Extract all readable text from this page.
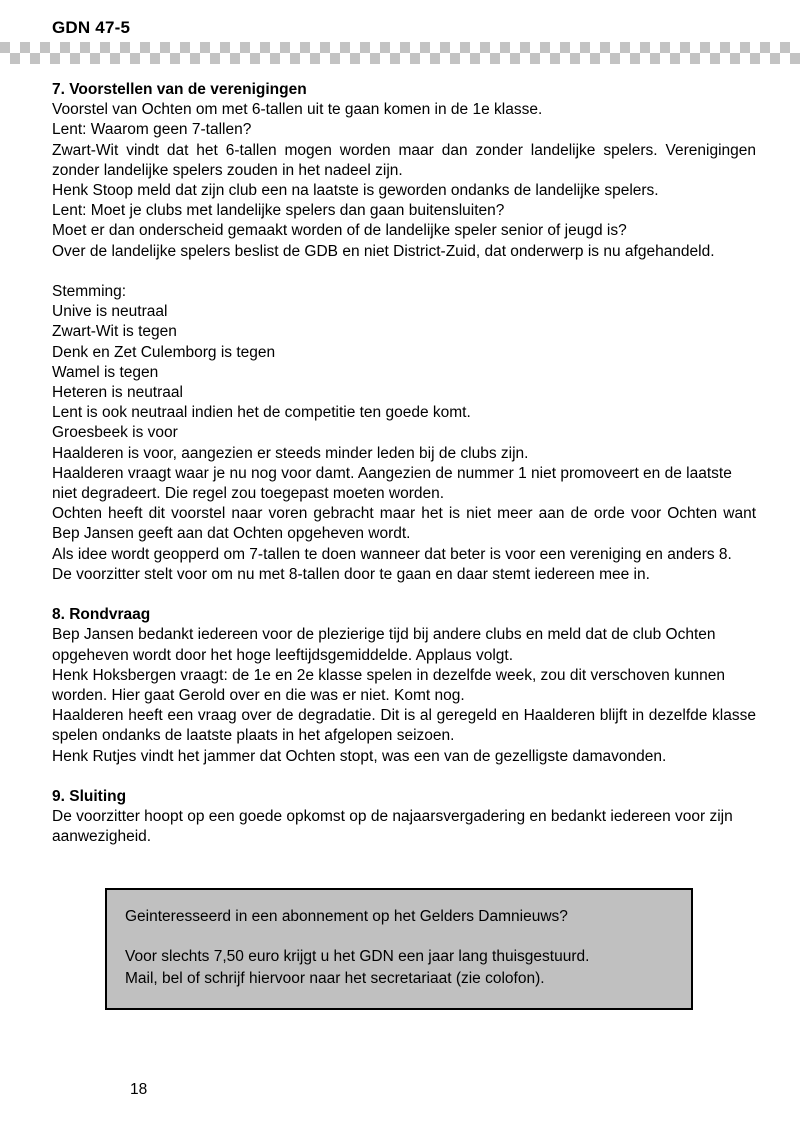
GDN 47-5
7. Voorstellen van de verenigingen

Voorstel van Ochten om met 6-tallen uit te gaan komen in de 1e klasse.

Lent: Waarom geen 7-tallen?

Zwart-Wit vindt dat het 6-tallen mogen worden maar dan zonder landelijke spelers. Verenigingen zonder landelijke spelers zouden in het nadeel zijn.

Henk Stoop meld dat zijn club een na laatste is geworden ondanks de landelijke spelers.

Lent: Moet je clubs met landelijke spelers dan gaan buitensluiten?

Moet er dan onderscheid gemaakt worden of de landelijke speler senior of jeugd is?

Over de landelijke spelers beslist de GDB en niet District-Zuid, dat onderwerp is nu afgehandeld.

Stemming:

Unive is neutraal

Zwart-Wit is tegen

Denk en Zet Culemborg is tegen

Wamel is tegen

Heteren is neutraal

Lent is ook neutraal indien het de competitie ten goede komt.

Groesbeek is voor

Haalderen is voor, aangezien er steeds minder leden bij de clubs zijn.

Haalderen vraagt waar je nu nog voor damt. Aangezien de nummer 1 niet promoveert en de laatste niet degradeert. Die regel zou toegepast moeten worden.

Ochten heeft dit voorstel naar voren gebracht maar het is niet meer aan de orde voor Ochten want Bep Jansen geeft aan dat Ochten opgeheven wordt.

Als idee wordt geopperd om 7-tallen te doen wanneer dat beter is voor een vereniging en anders 8.

De voorzitter stelt voor om nu met 8-tallen door te gaan en daar stemt iedereen mee in.

8. Rondvraag

Bep Jansen bedankt iedereen voor de plezierige tijd bij andere clubs en meld dat de club Ochten opgeheven wordt door het hoge leeftijdsgemiddelde. Applaus volgt.

Henk Hoksbergen vraagt: de 1e en 2e klasse spelen in dezelfde week, zou dit verschoven kunnen worden. Hier gaat Gerold over en die was er niet. Komt nog.

Haalderen heeft een vraag over de degradatie. Dit is al geregeld en Haalderen blijft in dezelfde klasse spelen ondanks de laatste plaats in het afgelopen seizoen.

Henk Rutjes vindt het jammer dat Ochten stopt, was een van de gezelligste damavonden.

9. Sluiting

De voorzitter hoopt op een goede opkomst op de najaarsvergadering en bedankt iedereen voor zijn aanwezigheid.

Geinteresseerd in een abonnement op het Gelders Damnieuws?

Voor slechts 7,50 euro krijgt u het GDN een jaar lang thuisgestuurd.

Mail, bel of schrijf hiervoor naar het secretariaat (zie colofon).

18
